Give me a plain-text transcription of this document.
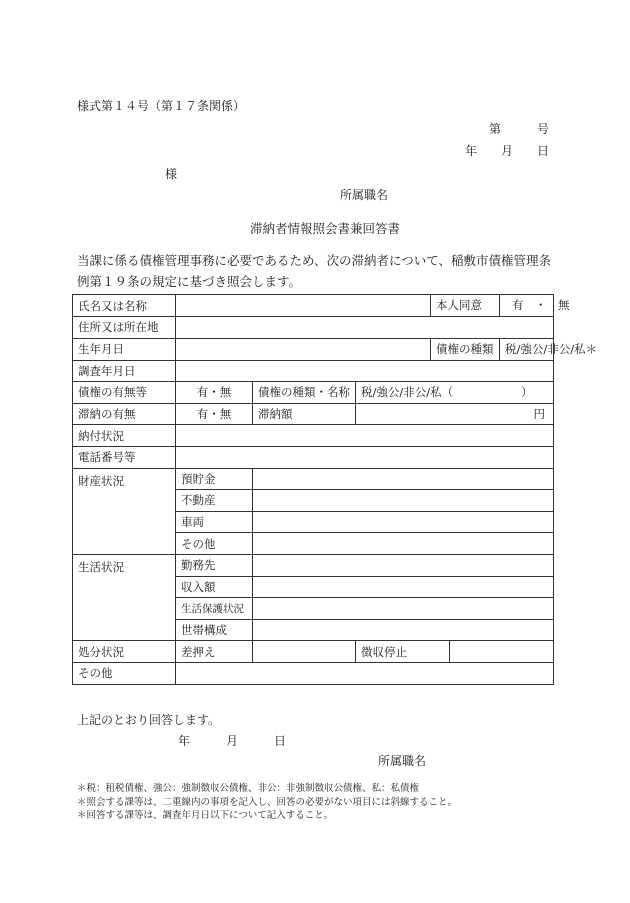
様式第１４号（第１７条関係）
第　　　号
年　　月　　日
様
所属職名
滞納者情報照会書兼回答書
当課に係る債権管理事務に必要であるため、次の滞納者について、稲敷市債権管理条例第１９条の規定に基づき照会します。
氏名又は名称				本人同意 有　・　無	
住所又は所在地					
生年月日				債権の種類 税/強公/非公/私＊	
調査年月日					
債権の有無等	有・無	債権の種類・名称	税/強公/非公/私（ ）		
滞納の有無	有・無	滞納額	円		
納付状況					
電話番号等					
財産状況	預貯金				
	不動産				
	車両				
	その他				
生活状況	勤務先				
	収入額				
	生活保護状況				
	世帯構成				
処分状況	差押え		徴収停止		
その他					
上記のとおり回答します。
年　　　月　　　日
所属職名
＊税：租税債権、強公：強制徴収公債権、非公：非強制徴収公債権、私：私債権
＊照会する課等は、二重線内の事項を記入し、回答の必要がない項目には斜線すること。
＊回答する課等は、調査年月日以下について記入すること。
